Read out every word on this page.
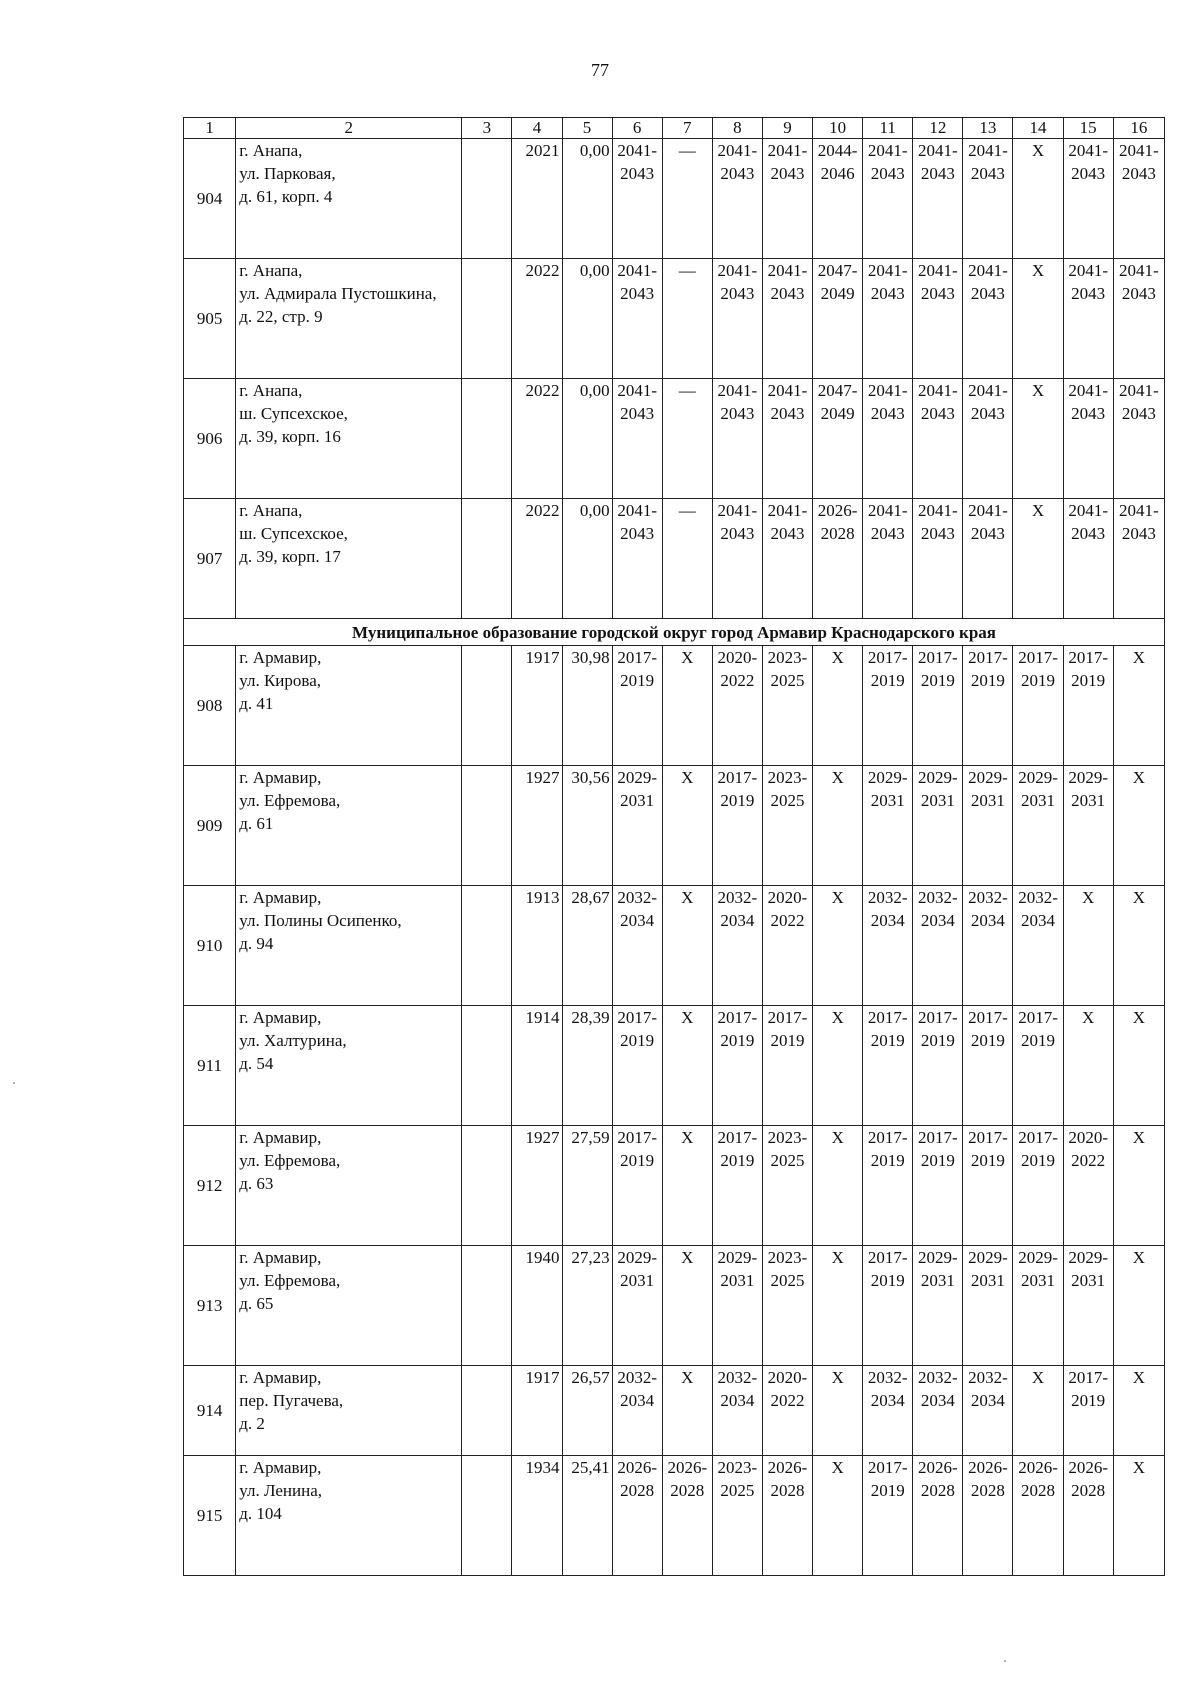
77
1	2	3	4	5	6	7	8	9	10	11	12	13	14	15	16
904	г. Анапа,
ул. Парковая,
д. 61, корп. 4		2021	0,00	2041-
2043	—	2041-
2043	2041-
2043	2044-
2046	2041-
2043	2041-
2043	2041-
2043	Х	2041-
2043	2041-
2043

905	г. Анапа,
ул. Адмирала Пустошкина,
д. 22, стр. 9		2022	0,00	2041-
2043	—	2041-
2043	2041-
2043	2047-
2049	2041-
2043	2041-
2043	2041-
2043	Х	2041-
2043	2041-
2043

906	г. Анапа,
ш. Супсехское,
д. 39, корп. 16		2022	0,00	2041-
2043	—	2041-
2043	2041-
2043	2047-
2049	2041-
2043	2041-
2043	2041-
2043	Х	2041-
2043	2041-
2043

907	г. Анапа,
ш. Супсехское,
д. 39, корп. 17		2022	0,00	2041-
2043	—	2041-
2043	2041-
2043	2026-
2028	2041-
2043	2041-
2043	2041-
2043	Х	2041-
2043	2041-
2043

Муниципальное образование городской округ город Армавир Краснодарского края															
908	г. Армавир,
ул. Кирова,
д. 41		1917	30,98	2017-
2019	Х	2020-
2022	2023-
2025	Х	2017-
2019	2017-
2019	2017-
2019	2017-
2019	2017-
2019	Х

909	г. Армавир,
ул. Ефремова,
д. 61		1927	30,56	2029-
2031	Х	2017-
2019	2023-
2025	Х	2029-
2031	2029-
2031	2029-
2031	2029-
2031	2029-
2031	Х

910	г. Армавир,
ул. Полины Осипенко,
д. 94		1913	28,67	2032-
2034	Х	2032-
2034	2020-
2022	Х	2032-
2034	2032-
2034	2032-
2034	2032-
2034	Х	Х

911	г. Армавир,
ул. Халтурина,
д. 54		1914	28,39	2017-
2019	Х	2017-
2019	2017-
2019	Х	2017-
2019	2017-
2019	2017-
2019	2017-
2019	Х	Х

912	г. Армавир,
ул. Ефремова,
д. 63		1927	27,59	2017-
2019	Х	2017-
2019	2023-
2025	Х	2017-
2019	2017-
2019	2017-
2019	2017-
2019	2020-
2022	Х

913	г. Армавир,
ул. Ефремова,
д. 65		1940	27,23	2029-
2031	Х	2029-
2031	2023-
2025	Х	2017-
2019	2029-
2031	2029-
2031	2029-
2031	2029-
2031	Х

914	г. Армавир,
пер. Пугачева,
д. 2		1917	26,57	2032-
2034	Х	2032-
2034	2020-
2022	Х	2032-
2034	2032-
2034	2032-
2034	Х	2017-
2019	Х

915	г. Армавир,
ул. Ленина,
д. 104		1934	25,41	2026-
2028	2026-
2028	2023-
2025	2026-
2028	Х	2017-
2019	2026-
2028	2026-
2028	2026-
2028	2026-
2028	Х
